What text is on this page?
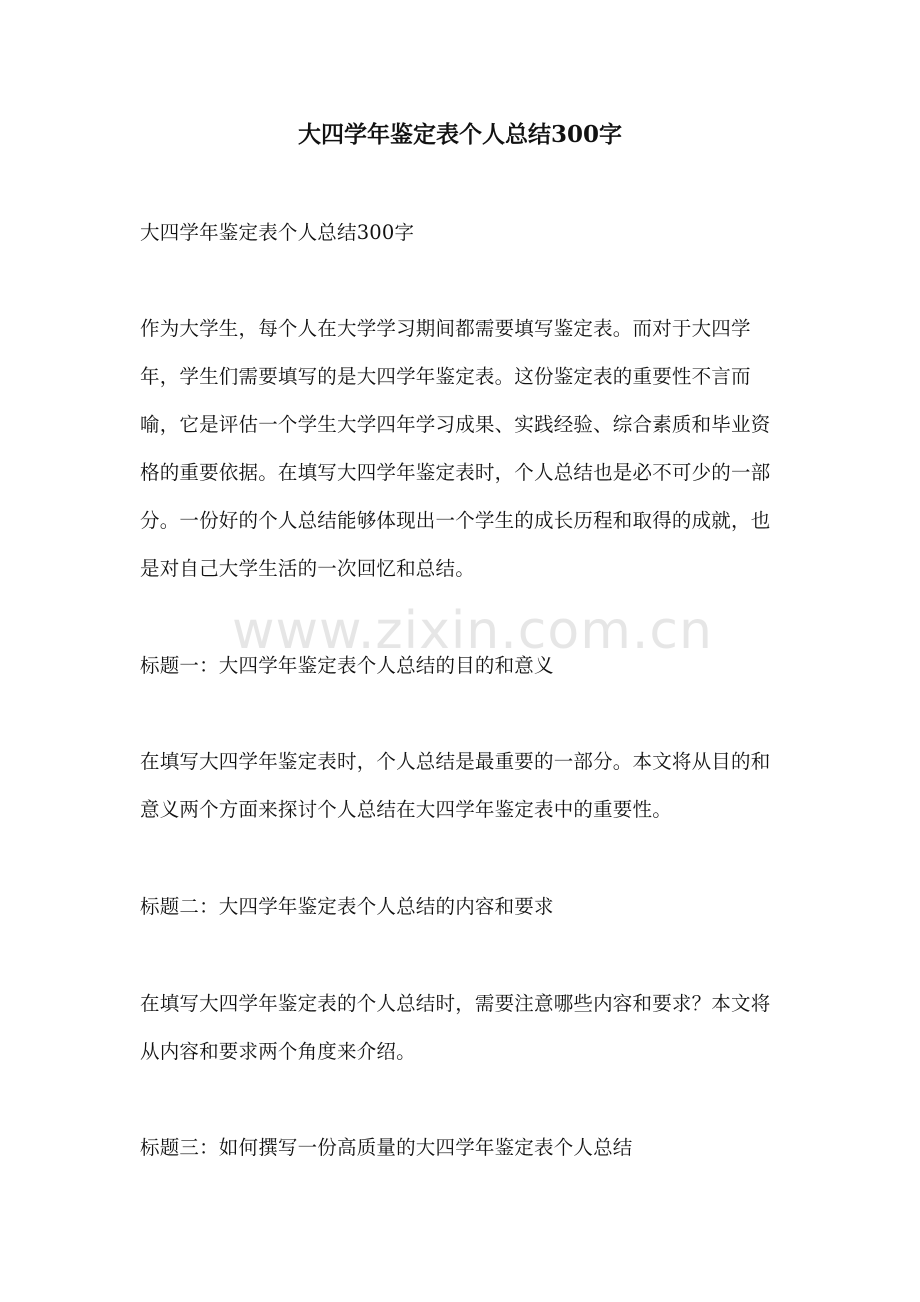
大四学年鉴定表个人总结300字

大四学年鉴定表个人总结300字

作为大学生，每个人在大学学习期间都需要填写鉴定表。而对于大四学年，学生们需要填写的是大四学年鉴定表。这份鉴定表的重要性不言而喻，它是评估一个学生大学四年学习成果、实践经验、综合素质和毕业资格的重要依据。在填写大四学年鉴定表时，个人总结也是必不可少的一部分。一份好的个人总结能够体现出一个学生的成长历程和取得的成就，也是对自己大学生活的一次回忆和总结。

www.zixin.com.cn

标题一：大四学年鉴定表个人总结的目的和意义

在填写大四学年鉴定表时，个人总结是最重要的一部分。本文将从目的和意义两个方面来探讨个人总结在大四学年鉴定表中的重要性。

标题二：大四学年鉴定表个人总结的内容和要求

在填写大四学年鉴定表的个人总结时，需要注意哪些内容和要求？本文将从内容和要求两个角度来介绍。

标题三：如何撰写一份高质量的大四学年鉴定表个人总结
